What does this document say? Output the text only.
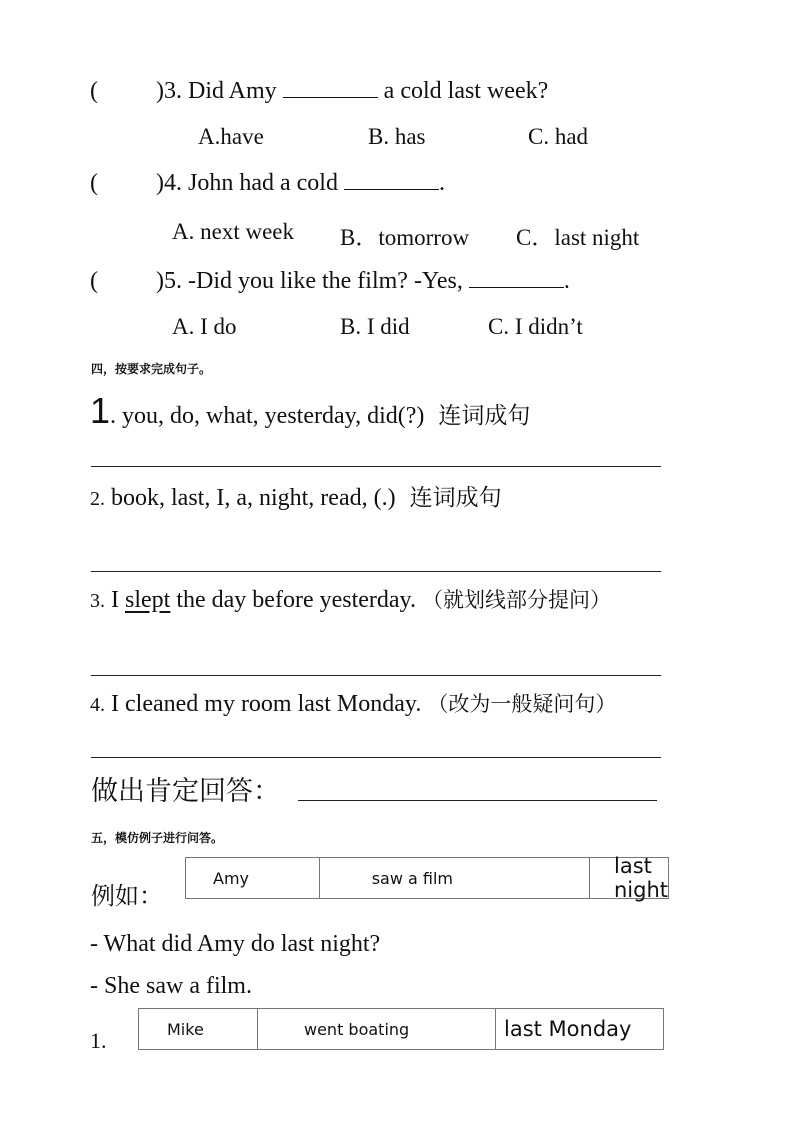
( )3. Did Amy	a cold last week?
A.have	B. has	C. had
( )4. John had a cold	.
A. next week B．tomorrow C．last night
( )5. -Did you like the film? -Yes,	.
A. I do	B. I did	C. I didn’t
四，按要求完成句子。
1. you, do, what, yesterday, did(?) 连词成句
2. book, last, I, a, night, read, (.) 连词成句
3. I slept the day before yesterday. （就划线部分提问）
4. I cleaned my room last Monday. （改为一般疑问句）
做出肯定回答：
五，模仿例子进行问答。
例如：
Amy	saw a film	last night
- What did Amy do last night?
- She saw a film.
1.	Mike	went boating	last Monday
